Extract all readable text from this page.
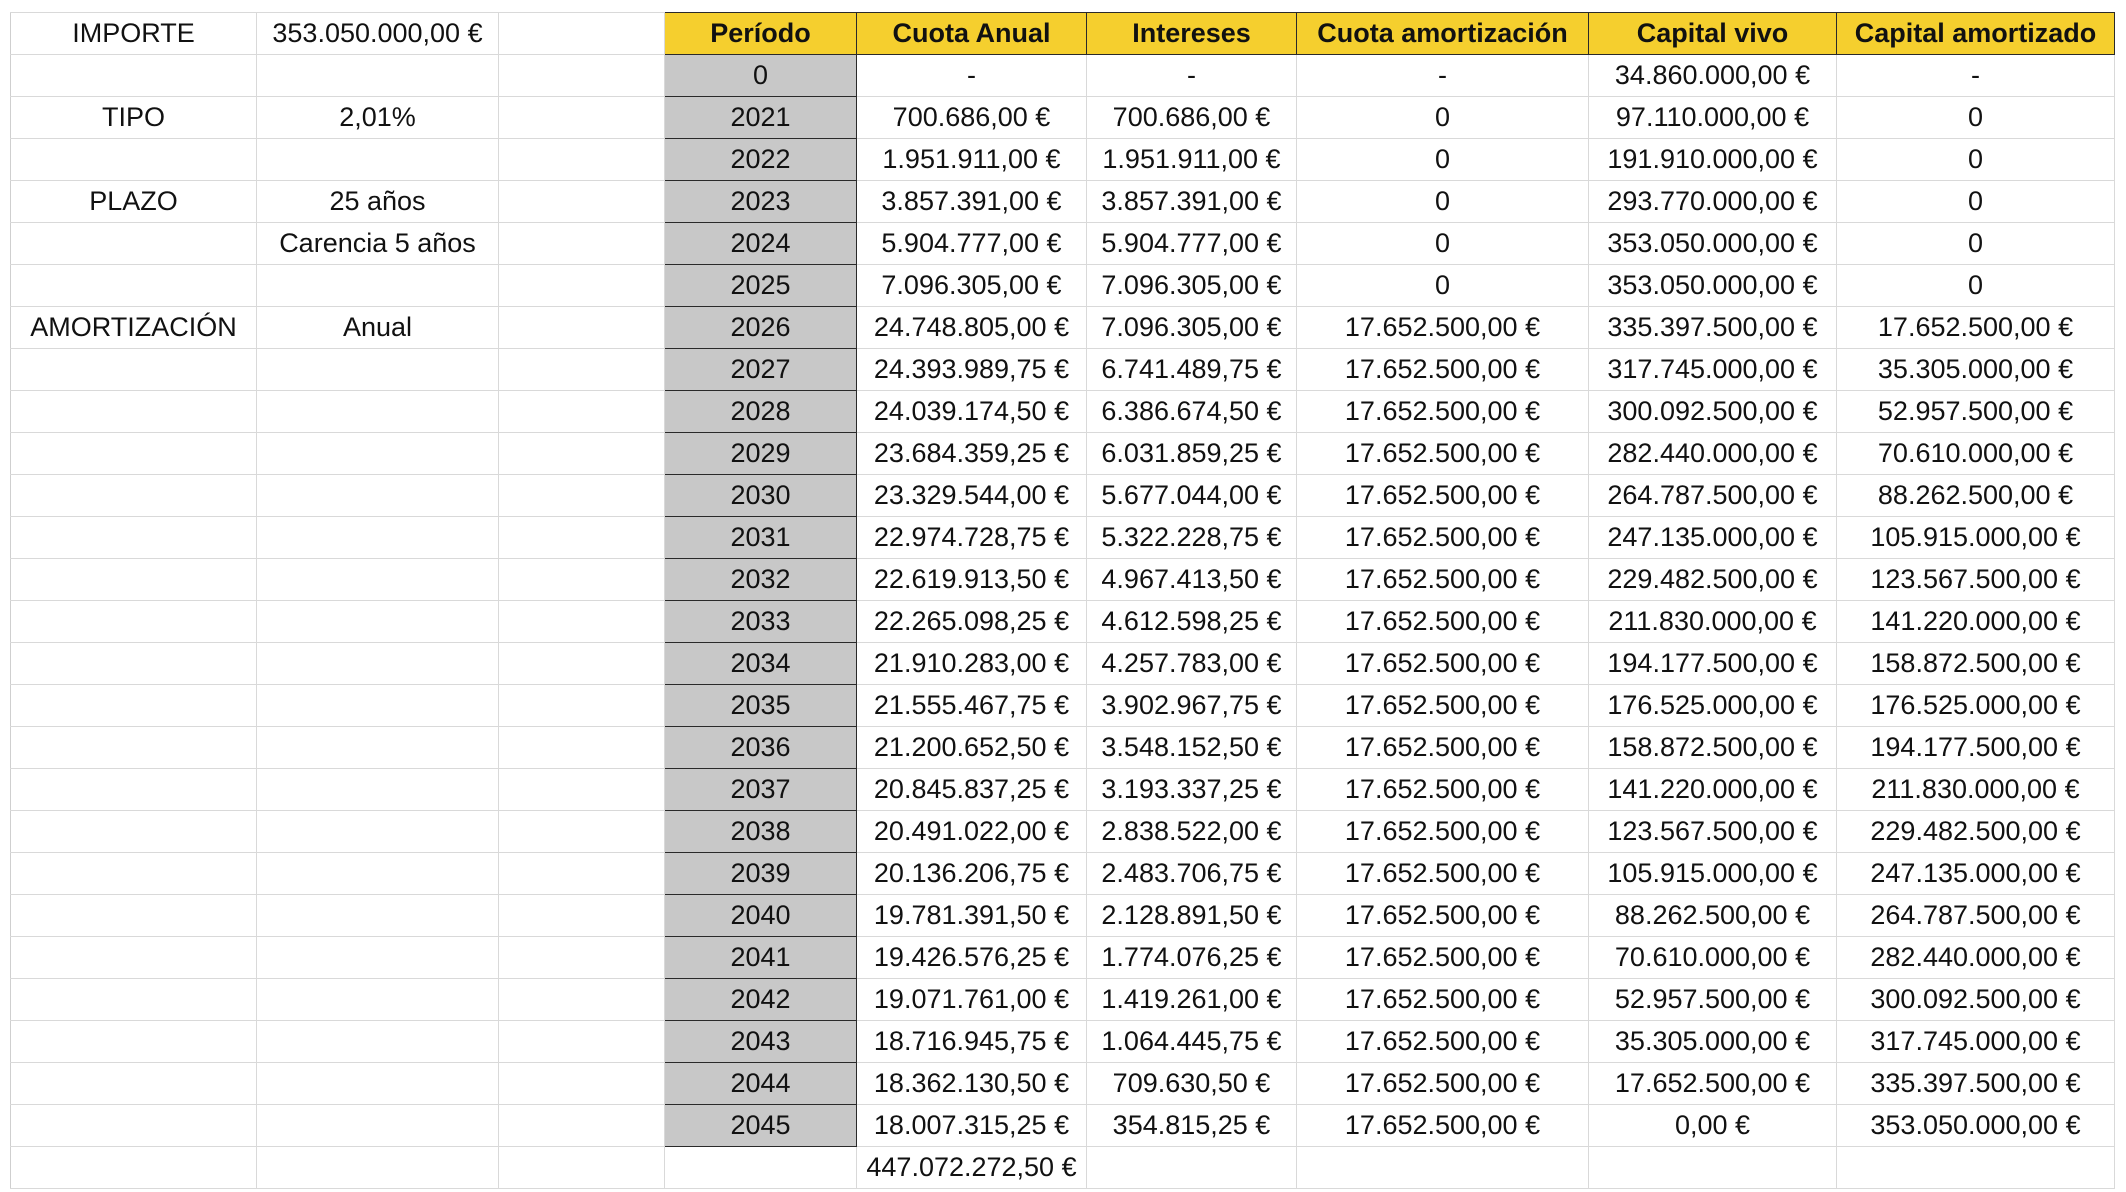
IMPORTE	353.050.000,00 €		Período	Cuota Anual	Intereses	Cuota amortización	Capital vivo	Capital amortizado
			0	-	-	-	34.860.000,00 €	-
TIPO	2,01%		2021	700.686,00 €	700.686,00 €	0	97.110.000,00 €	0
			2022	1.951.911,00 €	1.951.911,00 €	0	191.910.000,00 €	0
PLAZO	25 años		2023	3.857.391,00 €	3.857.391,00 €	0	293.770.000,00 €	0
	Carencia 5 años		2024	5.904.777,00 €	5.904.777,00 €	0	353.050.000,00 €	0
			2025	7.096.305,00 €	7.096.305,00 €	0	353.050.000,00 €	0
AMORTIZACIÓN	Anual		2026	24.748.805,00 €	7.096.305,00 €	17.652.500,00 €	335.397.500,00 €	17.652.500,00 €
			2027	24.393.989,75 €	6.741.489,75 €	17.652.500,00 €	317.745.000,00 €	35.305.000,00 €
			2028	24.039.174,50 €	6.386.674,50 €	17.652.500,00 €	300.092.500,00 €	52.957.500,00 €
			2029	23.684.359,25 €	6.031.859,25 €	17.652.500,00 €	282.440.000,00 €	70.610.000,00 €
			2030	23.329.544,00 €	5.677.044,00 €	17.652.500,00 €	264.787.500,00 €	88.262.500,00 €
			2031	22.974.728,75 €	5.322.228,75 €	17.652.500,00 €	247.135.000,00 €	105.915.000,00 €
			2032	22.619.913,50 €	4.967.413,50 €	17.652.500,00 €	229.482.500,00 €	123.567.500,00 €
			2033	22.265.098,25 €	4.612.598,25 €	17.652.500,00 €	211.830.000,00 €	141.220.000,00 €
			2034	21.910.283,00 €	4.257.783,00 €	17.652.500,00 €	194.177.500,00 €	158.872.500,00 €
			2035	21.555.467,75 €	3.902.967,75 €	17.652.500,00 €	176.525.000,00 €	176.525.000,00 €
			2036	21.200.652,50 €	3.548.152,50 €	17.652.500,00 €	158.872.500,00 €	194.177.500,00 €
			2037	20.845.837,25 €	3.193.337,25 €	17.652.500,00 €	141.220.000,00 €	211.830.000,00 €
			2038	20.491.022,00 €	2.838.522,00 €	17.652.500,00 €	123.567.500,00 €	229.482.500,00 €
			2039	20.136.206,75 €	2.483.706,75 €	17.652.500,00 €	105.915.000,00 €	247.135.000,00 €
			2040	19.781.391,50 €	2.128.891,50 €	17.652.500,00 €	88.262.500,00 €	264.787.500,00 €
			2041	19.426.576,25 €	1.774.076,25 €	17.652.500,00 €	70.610.000,00 €	282.440.000,00 €
			2042	19.071.761,00 €	1.419.261,00 €	17.652.500,00 €	52.957.500,00 €	300.092.500,00 €
			2043	18.716.945,75 €	1.064.445,75 €	17.652.500,00 €	35.305.000,00 €	317.745.000,00 €
			2044	18.362.130,50 €	709.630,50 €	17.652.500,00 €	17.652.500,00 €	335.397.500,00 €
			2045	18.007.315,25 €	354.815,25 €	17.652.500,00 €	0,00 €	353.050.000,00 €
				447.072.272,50 €				
